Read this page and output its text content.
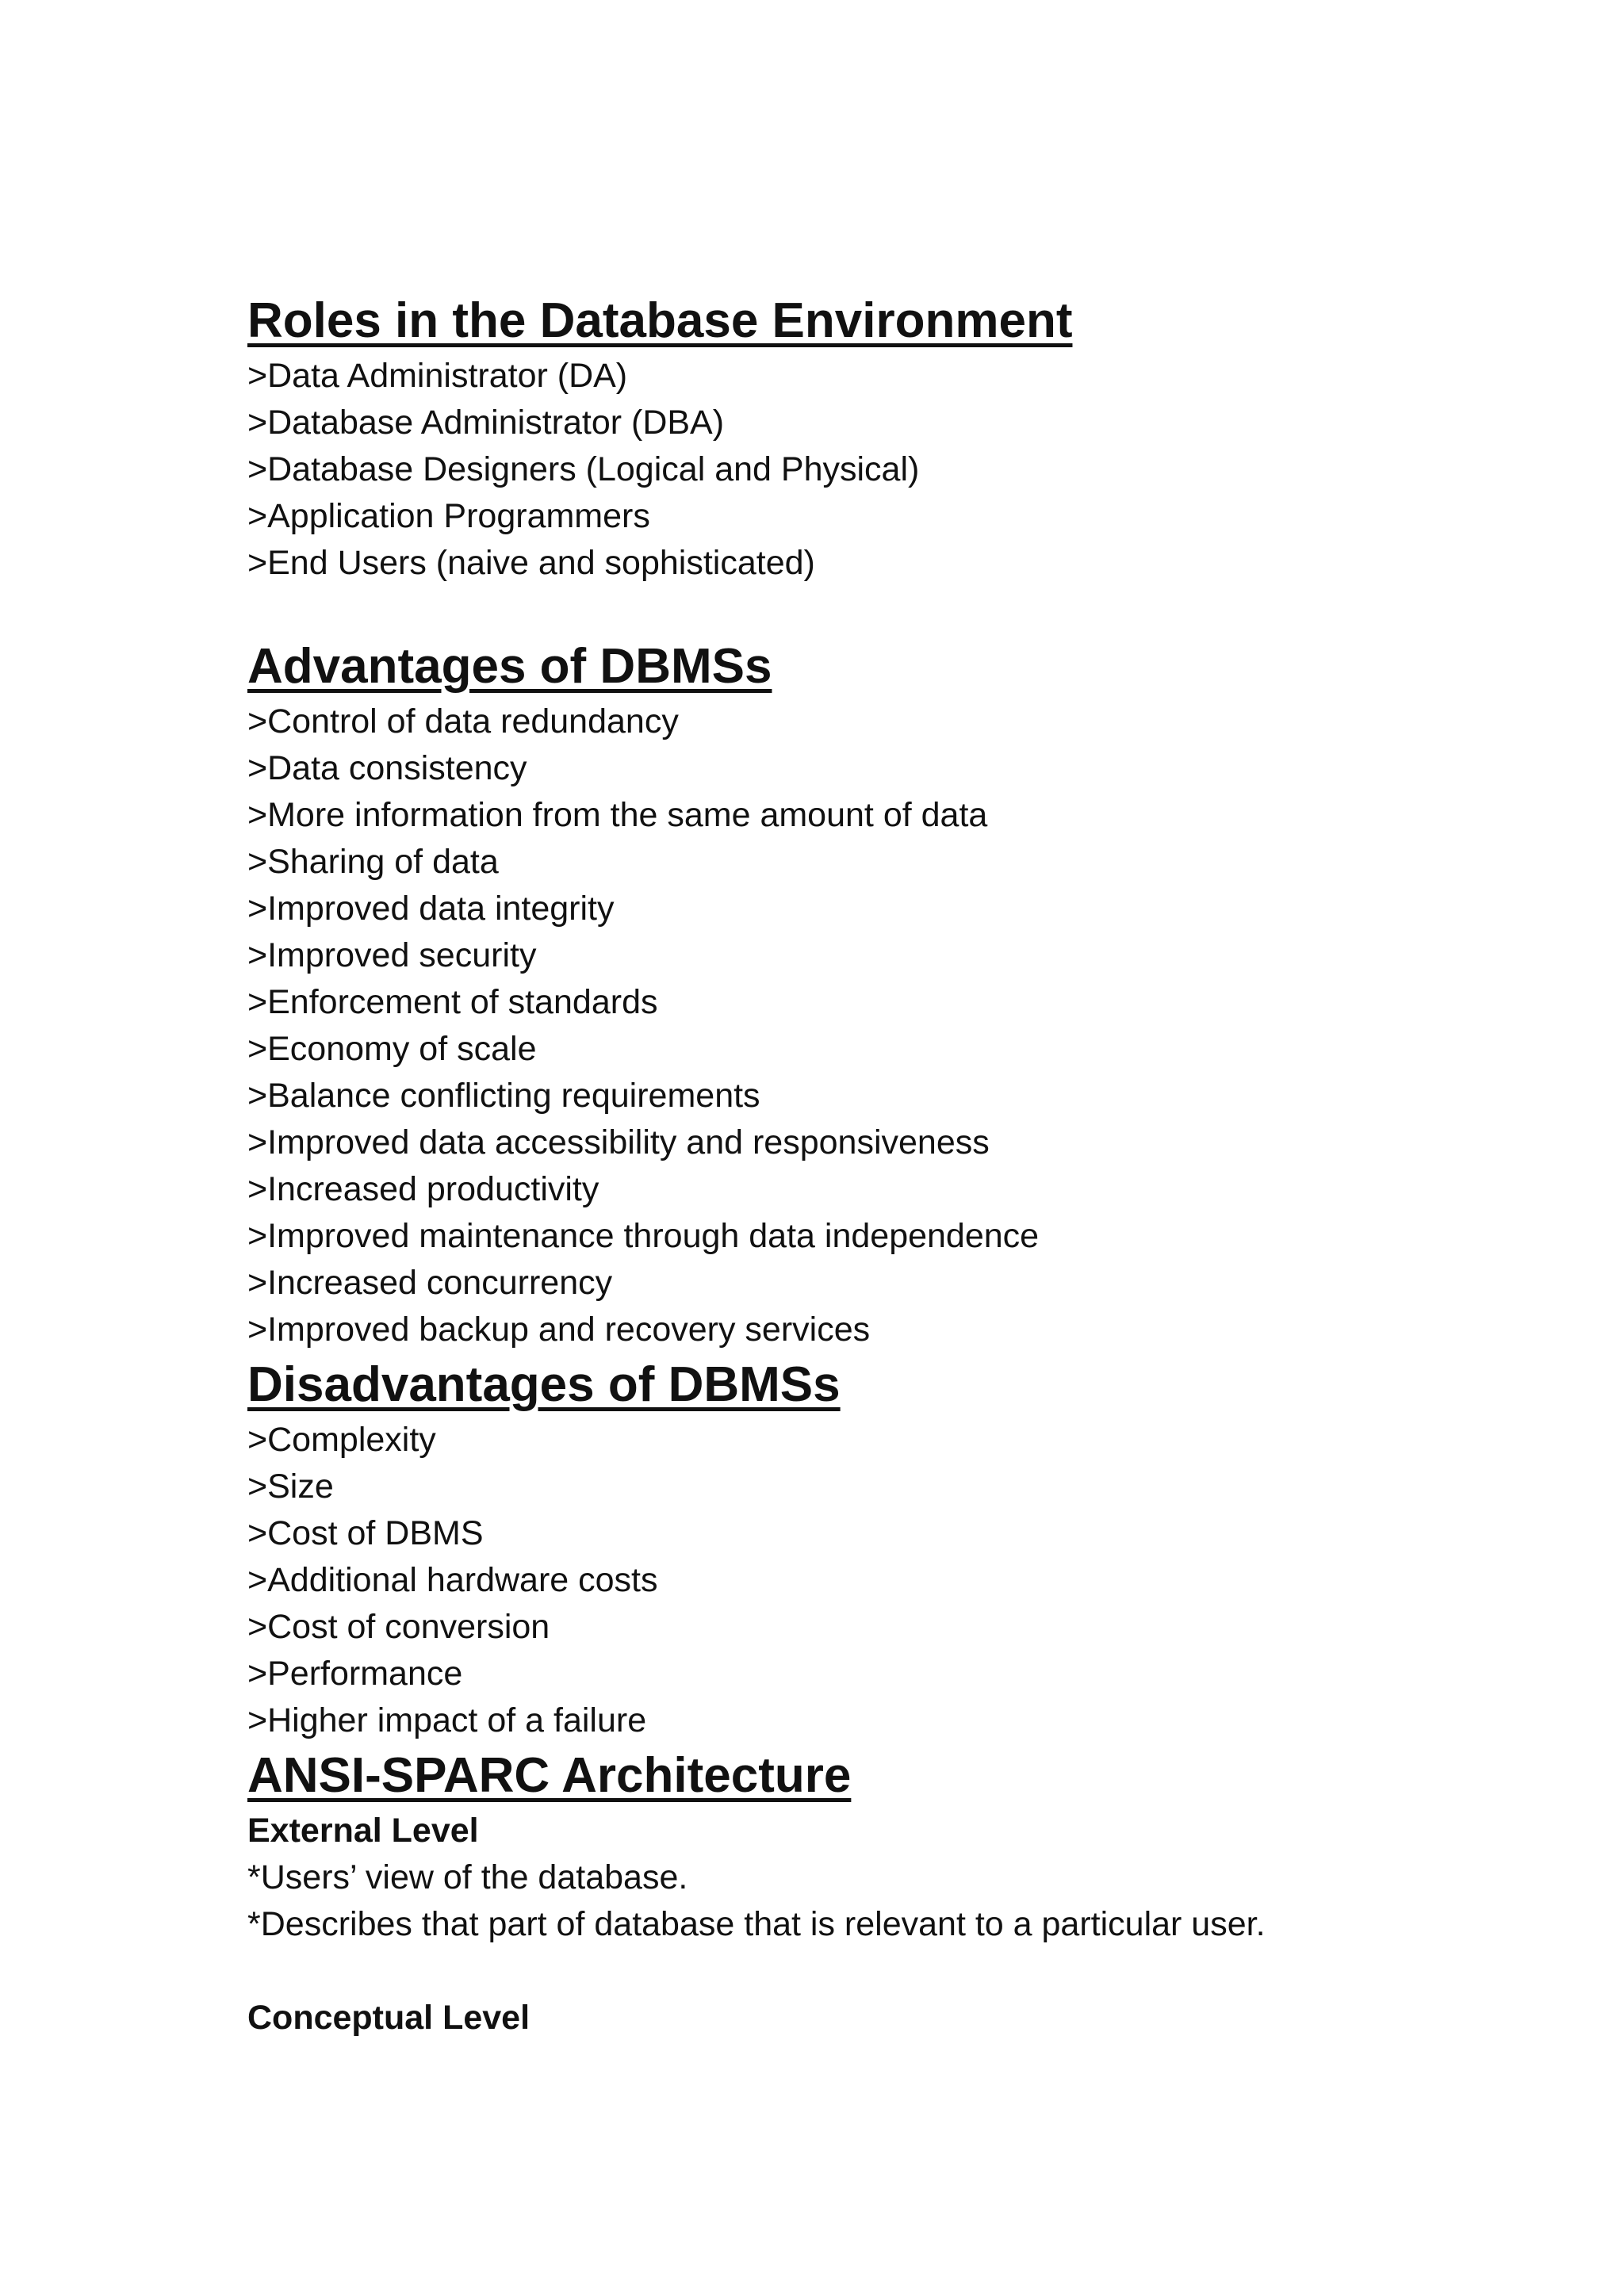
Roles in the Database Environment

>Data Administrator (DA)

>Database Administrator (DBA)

>Database Designers (Logical and Physical)

>Application Programmers

>End Users (naive and sophisticated)

Advantages of DBMSs

>Control of data redundancy

>Data consistency

>More information from the same amount of data

>Sharing of data

>Improved data integrity

>Improved security

>Enforcement of standards

>Economy of scale

>Balance conflicting requirements

>Improved data accessibility and responsiveness

>Increased productivity

>Improved maintenance through data independence

>Increased concurrency

>Improved backup and recovery services

Disadvantages of DBMSs

>Complexity

>Size

>Cost of DBMS

>Additional hardware costs

>Cost of conversion

>Performance

>Higher impact of a failure

ANSI-SPARC Architecture

External Level

*Users’ view of the database.

*Describes that part of database that is relevant to a particular user.

Conceptual Level
